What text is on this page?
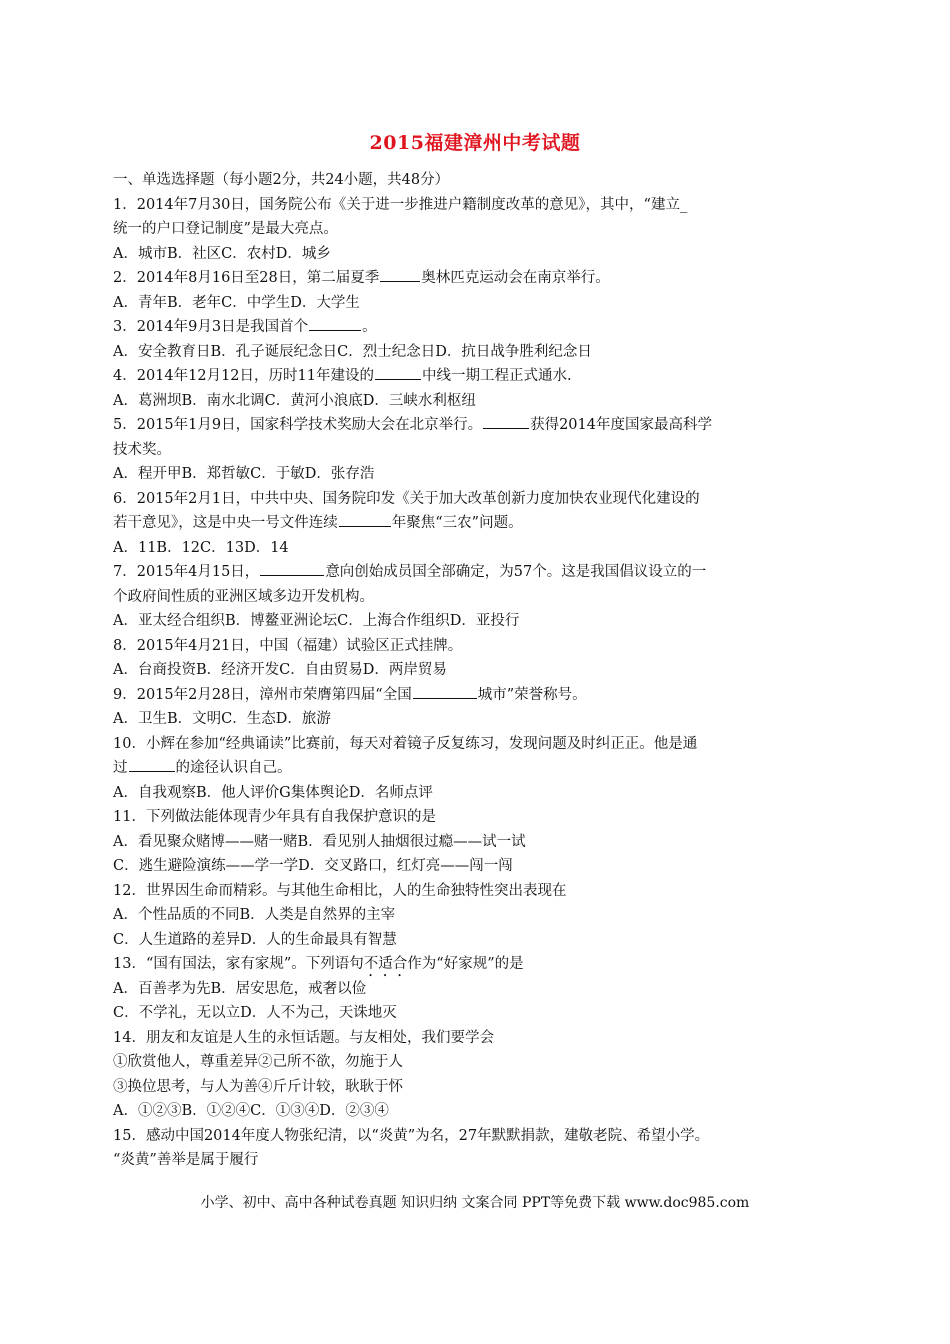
2015福建漳州中考试题
一、单选选择题（每小题2分，共24小题，共48分）
1．2014年7月30日，国务院公布《关于进一步推进户籍制度改革的意见》，其中，“建立_
统一的户口登记制度”是最大亮点。
A．城市B．社区C．农村D．城乡
2．2014年8月16日至28日，第二届夏季	奥林匹克运动会在南京举行。
A．青年B．老年C．中学生D．大学生
3．2014年9月3日是我国首个	。
A．安全教育日B．孔子诞辰纪念日C．烈士纪念日D．抗日战争胜利纪念日
4．2014年12月12日，历时11年建设的	中线一期工程正式通水.
A．葛洲坝B．南水北调C．黄河小浪底D．三峡水利枢纽
5．2015年1月9日，国家科学技术奖励大会在北京举行。	获得2014年度国家最高科学
技术奖。
A．程开甲B．郑哲敏C．于敏D．张存浩
6．2015年2月1日，中共中央、国务院印发《关于加大改革创新力度加快农业现代化建设的
若干意见》，这是中央一号文件连续	年聚焦“三农”问题。
A．11B．12C．13D．14
7．2015年4月15日，	意向创始成员国全部确定，为57个。这是我国倡议设立的一
个政府间性质的亚洲区域多边开发机构。
A．亚太经合组织B．博鳌亚洲论坛C．上海合作组织D．亚投行
8．2015年4月21日，中国（福建）试验区正式挂牌。
A．台商投资B．经济开发C．自由贸易D．两岸贸易
9．2015年2月28日，漳州市荣膺第四届“全国	城市”荣誉称号。
A．卫生B．文明C．生态D．旅游
10．小辉在参加“经典诵读”比赛前，每天对着镜子反复练习，发现问题及时纠正正。他是通
过	的途径认识自己。
A．自我观察B．他人评价G集体舆论D．名师点评
11．下列做法能体现青少年具有自我保护意识的是
A．看见聚众赌博——赌一赌B．看见别人抽烟很过瘾——试一试
C．逃生避险演练——学一学D．交叉路口，红灯亮——闯一闯
12．世界因生命而精彩。与其他生命相比，人的生命独特性突出表现在
A．个性品质的不同B．人类是自然界的主宰
C．人生道路的差异D．人的生命最具有智慧
13．“国有国法，家有家规”。下列语句不适合作为“好家规”的是
A．百善孝为先B．居安思危，戒奢以俭
C．不学礼，无以立D．人不为己，天诛地灭
14．朋友和友谊是人生的永恒话题。与友相处，我们要学会
①欣赏他人，尊重差异②己所不欲，勿施于人
③换位思考，与人为善④斤斤计较，耿耿于怀
A．①②③B．①②④C．①③④D．②③④
15．感动中国2014年度人物张纪清，以“炎黄”为名，27年默默捐款，建敬老院、希望小学。
“炎黄”善举是属于履行
小学、初中、高中各种试卷真题 知识归纳 文案合同 PPT等免费下载 www.doc985.com
